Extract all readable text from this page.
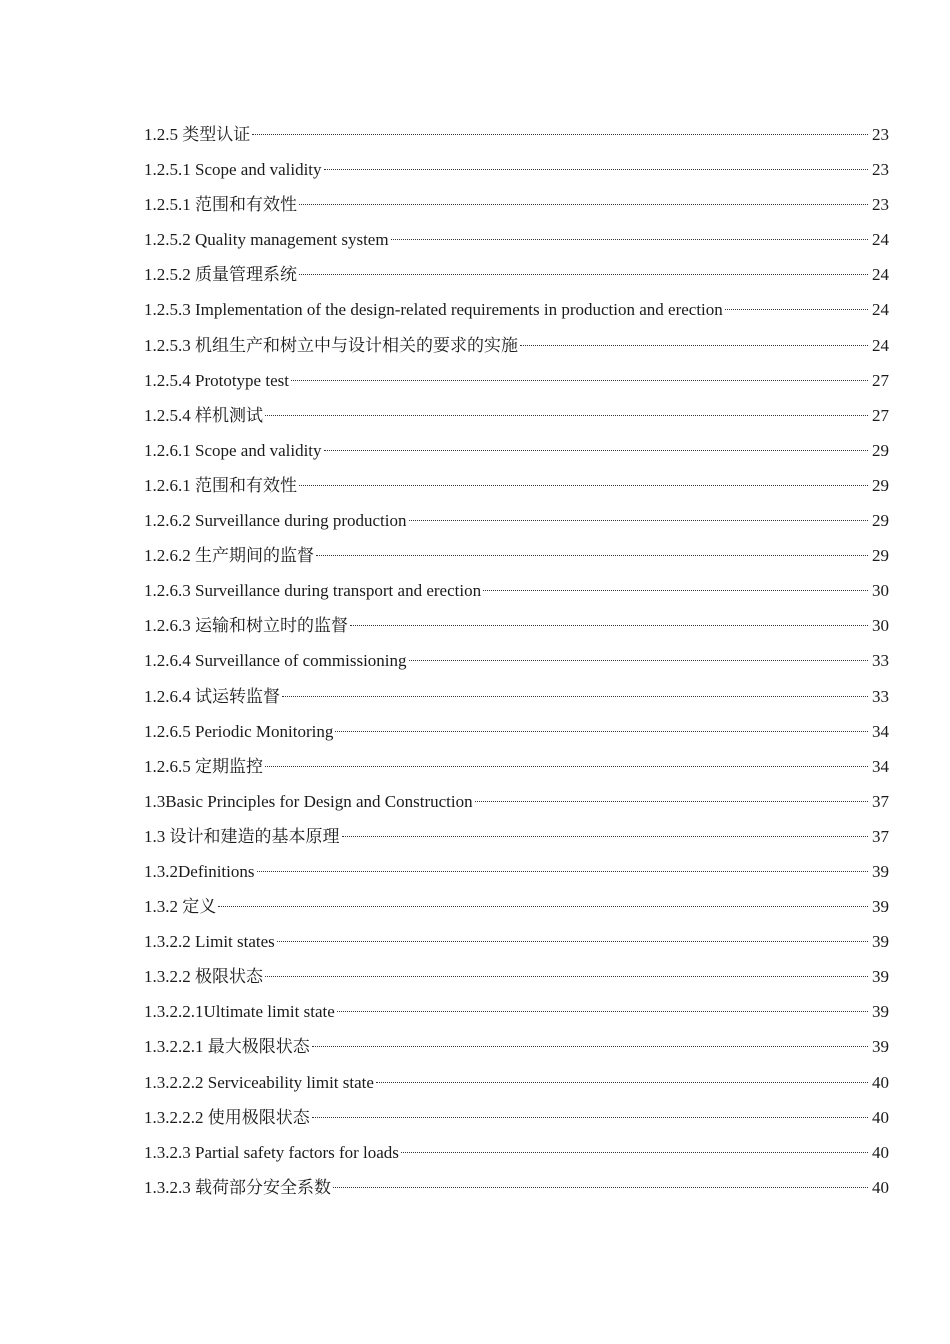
1.2.5 类型认证	23
1.2.5.1 Scope and validity	23
1.2.5.1 范围和有效性	23
1.2.5.2 Quality management system	24
1.2.5.2 质量管理系统	24
1.2.5.3 Implementation of the design-related requirements in production and erection	24
1.2.5.3 机组生产和树立中与设计相关的要求的实施	24
1.2.5.4 Prototype test	27
1.2.5.4 样机测试	27
1.2.6.1 Scope and validity	29
1.2.6.1 范围和有效性	29
1.2.6.2 Surveillance during production	29
1.2.6.2 生产期间的监督	29
1.2.6.3 Surveillance during transport and erection	30
1.2.6.3 运输和树立时的监督	30
1.2.6.4 Surveillance of commissioning	33
1.2.6.4 试运转监督	33
1.2.6.5 Periodic Monitoring	34
1.2.6.5 定期监控	34
1.3Basic Principles for Design and Construction	37
1.3 设计和建造的基本原理	37
1.3.2Definitions	39
1.3.2 定义	39
1.3.2.2 Limit states	39
1.3.2.2 极限状态	39
1.3.2.2.1Ultimate limit state	39
1.3.2.2.1 最大极限状态	39
1.3.2.2.2 Serviceability limit state	40
1.3.2.2.2 使用极限状态	40
1.3.2.3 Partial safety factors for loads	40
1.3.2.3 载荷部分安全系数	40
